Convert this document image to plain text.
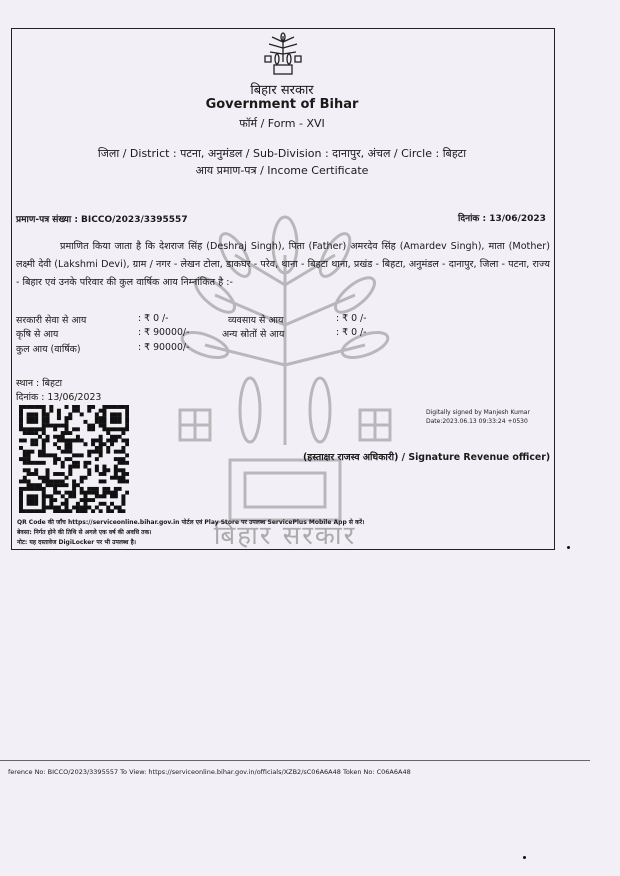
बिहार सरकार
बिहार सरकार
Government of Bihar
फॉर्म / Form - XVI
जिला / District : पटना, अनुमंडल / Sub-Division : दानापुर, अंचल / Circle : बिहटा
आय प्रमाण-पत्र / Income Certificate
प्रमाण-पत्र संख्या : BICCO/2023/3395557	दिनांक : 13/06/2023
प्रमाणित किया जाता है कि देशराज सिंह (Deshraj Singh), पिता (Father) अमरदेव सिंह (Amardev Singh), माता (Mother) लक्ष्मी देवी (Lakshmi Devi), ग्राम / नगर - लेखन टोला, डाकघर - परेव, थाना - बिहटा थाना, प्रखंड - बिहटा, अनुमंडल - दानापुर, जिला - पटना, राज्य - बिहार एवं उनके परिवार की कुल वार्षिक आय निम्नांकित है :-
सरकारी सेवा से आय	: ₹ 0 /-	व्यवसाय से आय	: ₹ 0 /-
कृषि से आय	: ₹ 90000/-	अन्य स्रोतों से आय	: ₹ 0 /-
कुल आय (वार्षिक)	: ₹ 90000/-
स्थान : बिहटा
दिनांक : 13/06/2023
Digitally signed by Manjesh Kumar
Date:2023.06.13 09:33:24 +0530
(हस्ताक्षर राजस्व अधिकारी) / Signature Revenue officer)
QR Code की जाँच https://serviceonline.bihar.gov.in पोर्टल एवं Play Store पर उपलब्ध ServicePlus Mobile App से करें।
बेवसा: निर्गत होने की तिथि से अगले एक वर्ष की अवधि तक।
नोट: यह दस्तावेज DigiLocker पर भी उपलब्ध है।
ference No: BICCO/2023/3395557 To View: https://serviceonline.bihar.gov.in/officials/XZB2/sC06A6A48 Token No: C06A6A48
